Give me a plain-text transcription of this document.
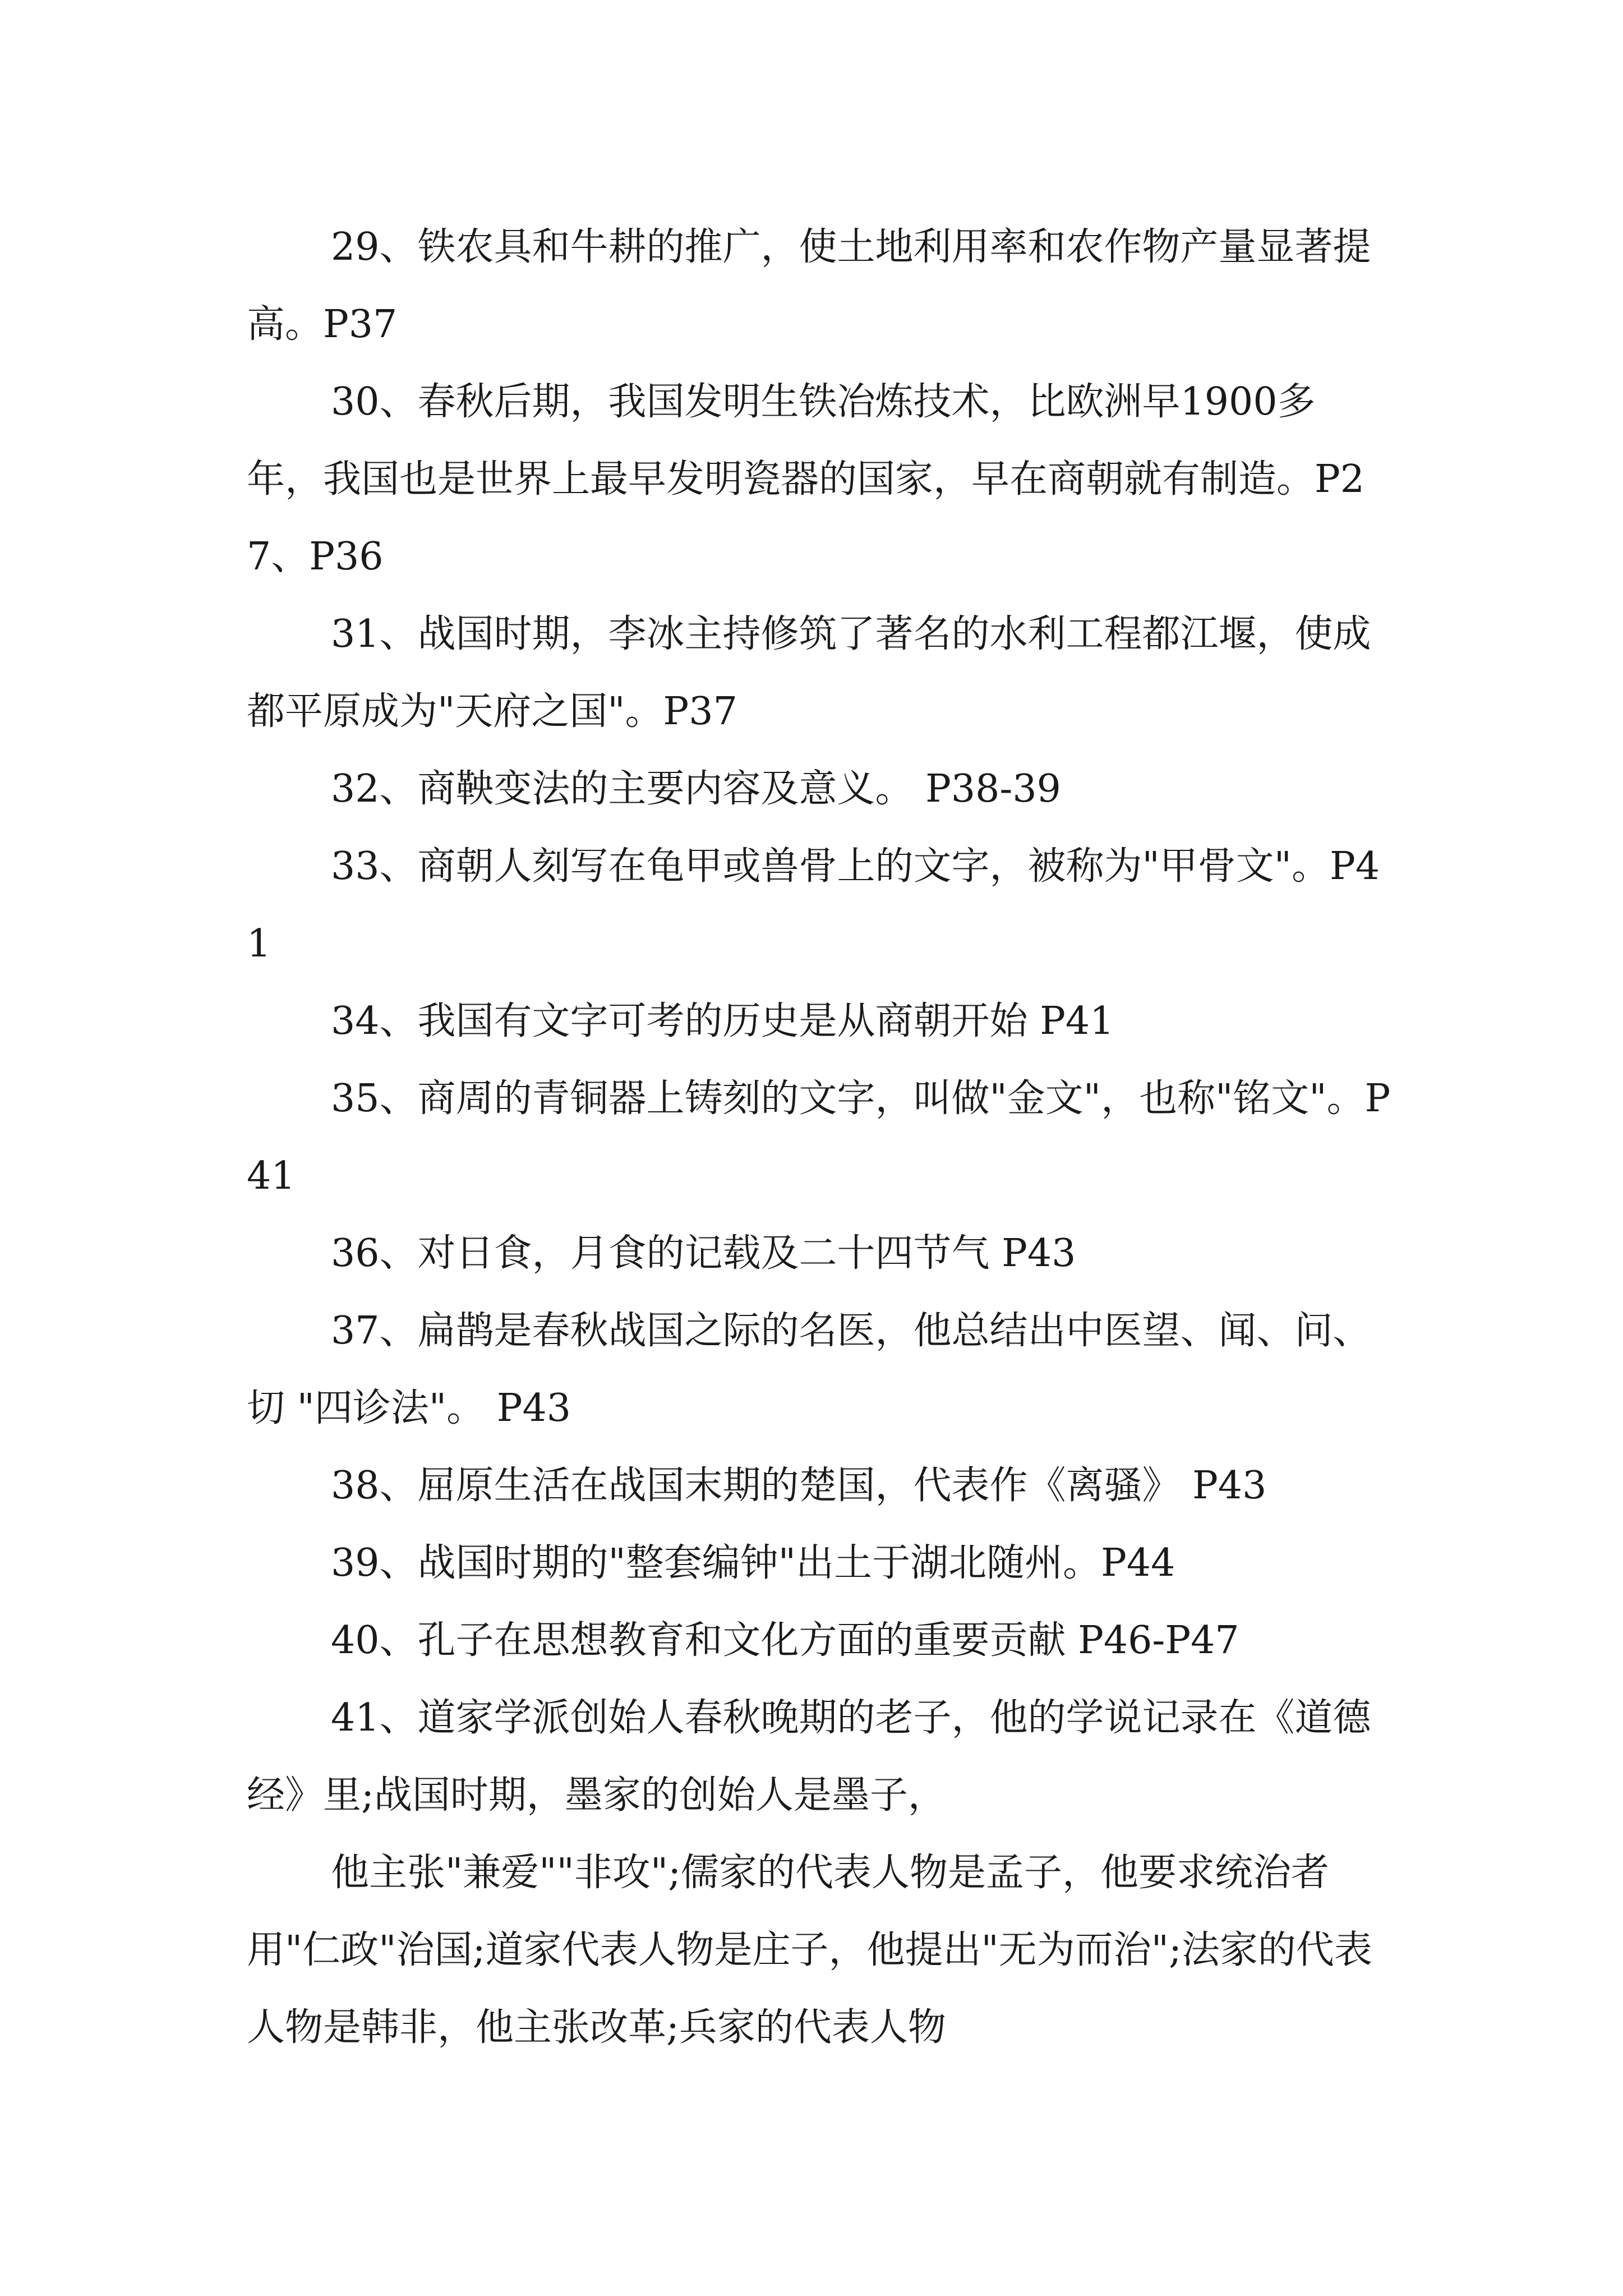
29、铁农具和牛耕的推广，使土地利用率和农作物产量显著提高。P37

30、春秋后期，我国发明生铁冶炼技术，比欧洲早1900多年，我国也是世界上最早发明瓷器的国家，早在商朝就有制造。P27、P36

31、战国时期，李冰主持修筑了著名的水利工程都江堰，使成都平原成为"天府之国"。P37

32、商鞅变法的主要内容及意义。 P38-39

33、商朝人刻写在龟甲或兽骨上的文字，被称为"甲骨文"。P41

34、我国有文字可考的历史是从商朝开始 P41

35、商周的青铜器上铸刻的文字，叫做"金文"，也称"铭文"。P41

36、对日食，月食的记载及二十四节气 P43

37、扁鹊是春秋战国之际的名医，他总结出中医望、闻、问、切 "四诊法"。 P43

38、屈原生活在战国末期的楚国，代表作《离骚》 P43

39、战国时期的"整套编钟"出土于湖北随州。P44

40、孔子在思想教育和文化方面的重要贡献 P46-P47

41、道家学派创始人春秋晚期的老子，他的学说记录在《道德经》里;战国时期，墨家的创始人是墨子，

他主张"兼爱""非攻";儒家的代表人物是孟子，他要求统治者用"仁政"治国;道家代表人物是庄子，他提出"无为而治";法家的代表人物是韩非，他主张改革;兵家的代表人物
